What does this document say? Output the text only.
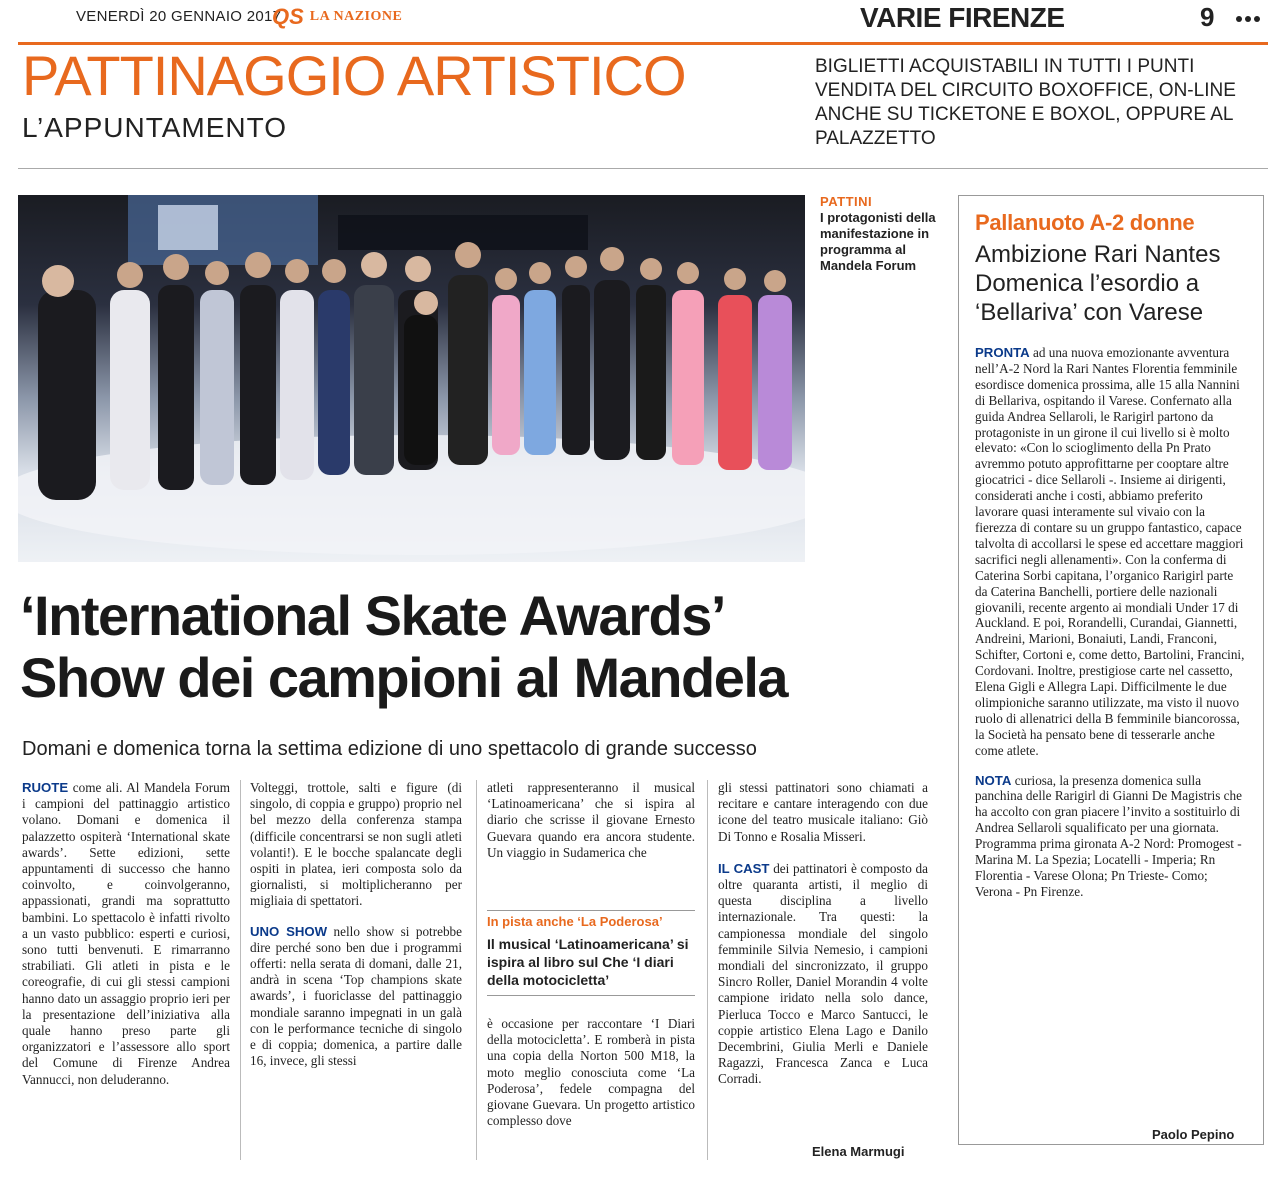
VENERDÌ 20 GENNAIO 2017
QS LA NAZIONE	VARIE FIRENZE	9
PATTINAGGIO ARTISTICO
L’APPUNTAMENTO
BIGLIETTI ACQUISTABILI IN TUTTI I PUNTI VENDITA DEL CIRCUITO BOXOFFICE, ON-LINE ANCHE SU TICKETONE E BOXOL, OPPURE AL PALAZZETTO
PATTINI
I protagonisti della manifestazione in programma al Mandela Forum
‘International Skate Awards’
Show dei campioni al Mandela
Domani e domenica torna la settima edizione di uno spettacolo di grande successo

RUOTE come ali. Al Mandela Forum i campioni del pattinaggio artistico volano. Domani e domenica il palazzetto ospiterà ‘International skate awards’. Sette edizioni, sette appuntamenti di successo che hanno coinvolto, e coinvolgeranno, appassionati, grandi ma soprattutto bambini. Lo spettacolo è infatti rivolto a un vasto pubblico: esperti e curiosi, sono tutti benvenuti. E rimarranno strabiliati. Gli atleti in pista e le coreografie, di cui gli stessi campioni hanno dato un assaggio proprio ieri per la presentazione dell’iniziativa alla quale hanno preso parte gli organizzatori e l’assessore allo sport del Comune di Firenze Andrea Vannucci, non deluderanno.

Volteggi, trottole, salti e figure (di singolo, di coppia e gruppo) proprio nel bel mezzo della conferenza stampa (difficile concentrarsi se non sugli atleti volanti!). E le bocche spalancate degli ospiti in platea, ieri composta solo da giornalisti, si moltiplicheranno per migliaia di spettatori.

UNO SHOW nello show si potrebbe dire perché sono ben due i programmi offerti: nella serata di domani, dalle 21, andrà in scena ‘Top champions skate awards’, i fuoriclasse del pattinaggio mondiale saranno impegnati in un galà con le performance tecniche di singolo e di coppia; domenica, a partire dalle 16, invece, gli stessi

atleti rappresenteranno il musical ‘Latinoamericana’ che si ispira al diario che scrisse il giovane Ernesto Guevara quando era ancora studente. Un viaggio in Sudamerica che

In pista anche ‘La Poderosa’
Il musical ‘Latinoamericana’ si ispira al libro sul Che ‘I diari della motocicletta’

è occasione per raccontare ‘I Diari della motocicletta’. E romberà in pista una copia della Norton 500 M18, la moto meglio conosciuta come ‘La Poderosa’, fedele compagna del giovane Guevara. Un progetto artistico complesso dove

gli stessi pattinatori sono chiamati a recitare e cantare interagendo con due icone del teatro musicale italiano: Giò Di Tonno e Rosalia Misseri.

IL CAST dei pattinatori è composto da oltre quaranta artisti, il meglio di questa disciplina a livello internazionale. Tra questi: la campionessa mondiale del singolo femminile Silvia Nemesio, i campioni mondiali del sincronizzato, il gruppo Sincro Roller, Daniel Morandin 4 volte campione iridato nella solo dance, Pierluca Tocco e Marco Santucci, le coppie artistico Elena Lago e Danilo Decembrini, Giulia Merli e Daniele Ragazzi, Francesca Zanca e Luca Corradi.

Elena Marmugi
Pallanuoto A-2 donne
Ambizione Rari Nantes Domenica l’esordio a ‘Bellariva’ con Varese

PRONTA ad una nuova emozionante avventura nell’A-2 Nord la Rari Nantes Florentia femminile esordisce domenica prossima, alle 15 alla Nannini di Bellariva, ospitando il Varese. Confernato alla guida Andrea Sellaroli, le Rarigirl partono da protagoniste in un girone il cui livello si è molto elevato: «Con lo scioglimento della Pn Prato avremmo potuto approfittarne per cooptare altre giocatrici - dice Sellaroli -. Insieme ai dirigenti, considerati anche i costi, abbiamo preferito lavorare quasi interamente sul vivaio con la fierezza di contare su un gruppo fantastico, capace talvolta di accollarsi le spese ed accettare maggiori sacrifici negli allenamenti». Con la conferma di Caterina Sorbi capitana, l’organico Rarigirl parte da Caterina Banchelli, portiere delle nazionali giovanili, recente argento ai mondiali Under 17 di Auckland. E poi, Rorandelli, Curandai, Giannetti, Andreini, Marioni, Bonaiuti, Landi, Franconi, Schifter, Cortoni e, come detto, Bartolini, Francini, Cordovani. Inoltre, prestigiose carte nel cassetto, Elena Gigli e Allegra Lapi. Difficilmente le due olimpioniche saranno utilizzate, ma visto il nuovo ruolo di allenatrici della B femminile biancorossa, la Società ha pensato bene di tesserarle anche come atlete.

NOTA curiosa, la presenza domenica sulla panchina delle Rarigirl di Gianni De Magistris che ha accolto con gran piacere l’invito a sostituirlo di Andrea Sellaroli squalificato per una giornata. Programma prima gironata A-2 Nord: Promogest - Marina M. La Spezia; Locatelli - Imperia; Rn Florentia - Varese Olona; Pn Trieste- Como; Verona - Pn Firenze.

Paolo Pepino
